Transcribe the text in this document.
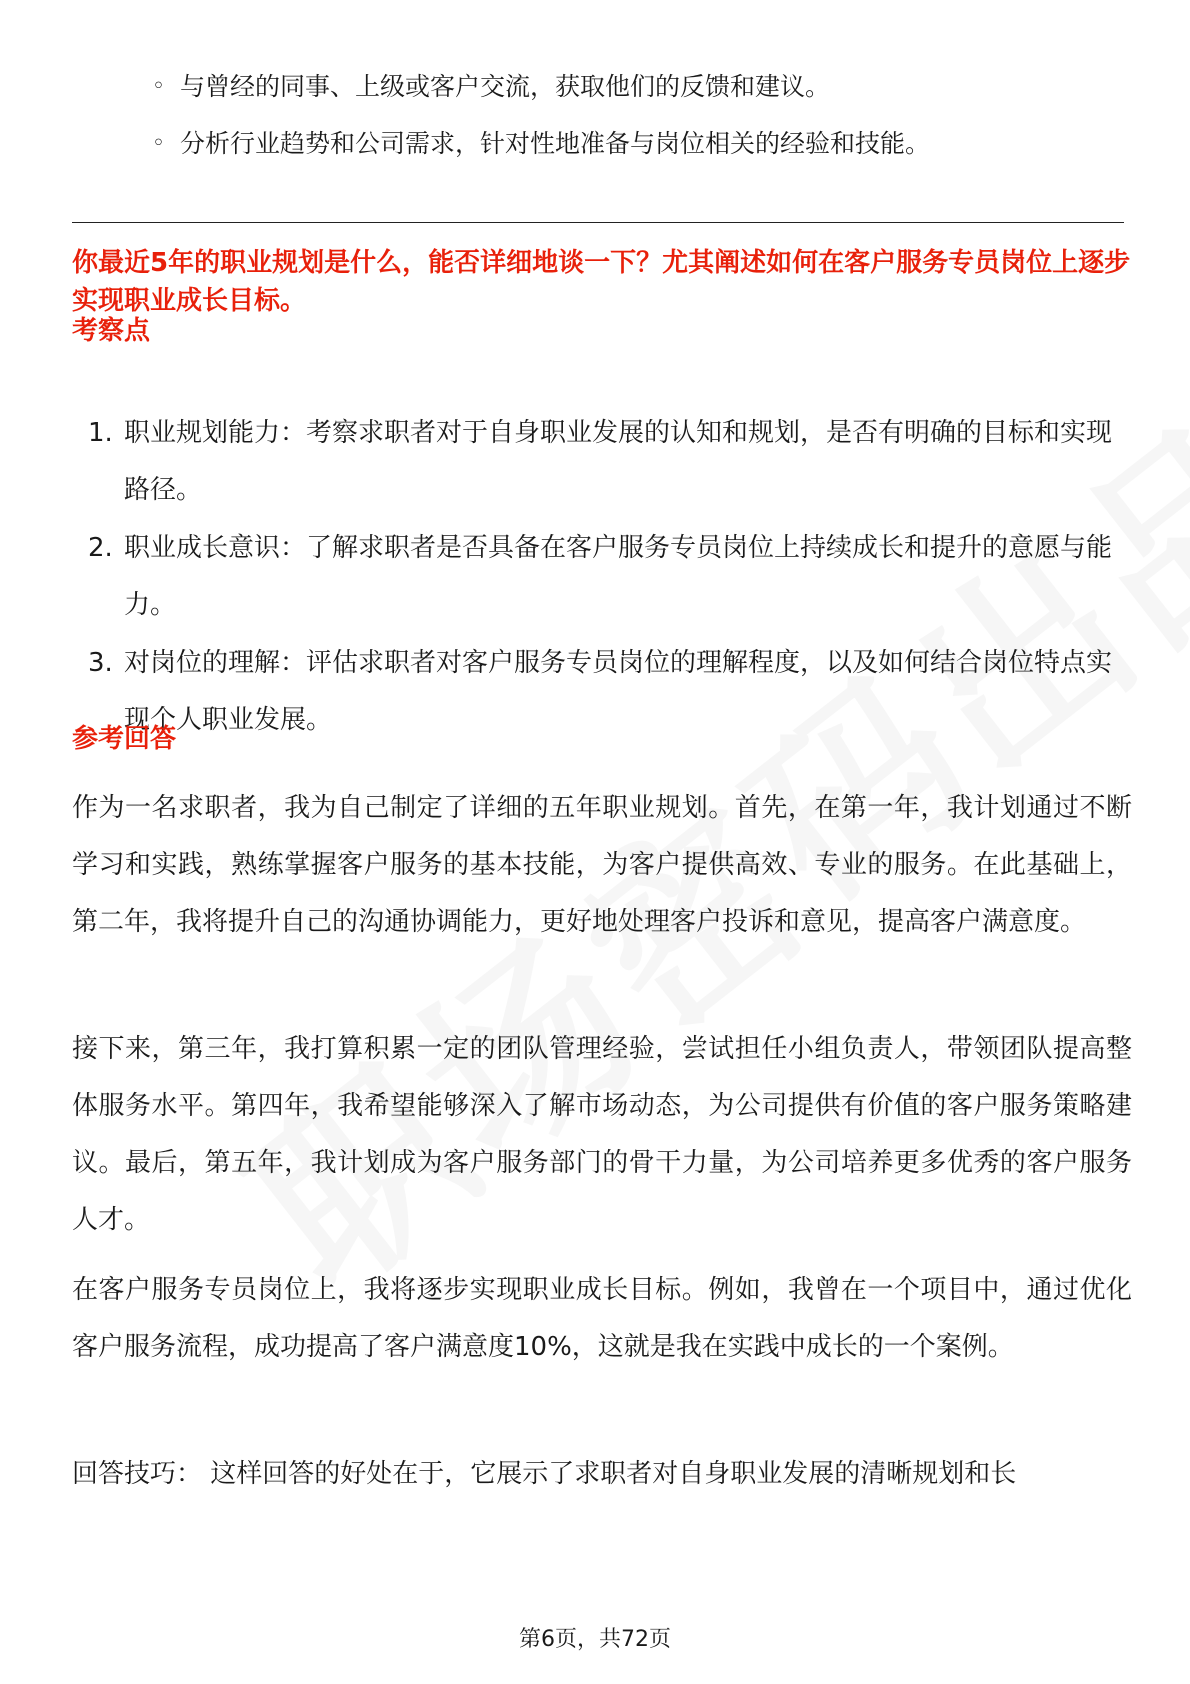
◦ 与曾经的同事、上级或客户交流，获取他们的反馈和建议。
◦ 分析行业趋势和公司需求，针对性地准备与岗位相关的经验和技能。

你最近5年的职业规划是什么，能否详细地谈一下？尤其阐述如何在客户服务专员岗位上逐步实现职业成长目标。

考察点

1. 职业规划能力：考察求职者对于自身职业发展的认知和规划，是否有明确的目标和实现路径。
2. 职业成长意识：了解求职者是否具备在客户服务专员岗位上持续成长和提升的意愿与能力。
3. 对岗位的理解：评估求职者对客户服务专员岗位的理解程度，以及如何结合岗位特点实现个人职业发展。

参考回答

作为一名求职者，我为自己制定了详细的五年职业规划。首先，在第一年，我计划通过不断学习和实践，熟练掌握客户服务的基本技能，为客户提供高效、专业的服务。在此基础上，第二年，我将提升自己的沟通协调能力，更好地处理客户投诉和意见，提高客户满意度。

接下来，第三年，我打算积累一定的团队管理经验，尝试担任小组负责人，带领团队提高整体服务水平。第四年，我希望能够深入了解市场动态，为公司提供有价值的客户服务策略建议。最后，第五年，我计划成为客户服务部门的骨干力量，为公司培养更多优秀的客户服务人才。

在客户服务专员岗位上，我将逐步实现职业成长目标。例如，我曾在一个项目中，通过优化客户服务流程，成功提高了客户满意度10%，这就是我在实践中成长的一个案例。

回答技巧： 这样回答的好处在于，它展示了求职者对自身职业发展的清晰规划和长

第6页，共72页
